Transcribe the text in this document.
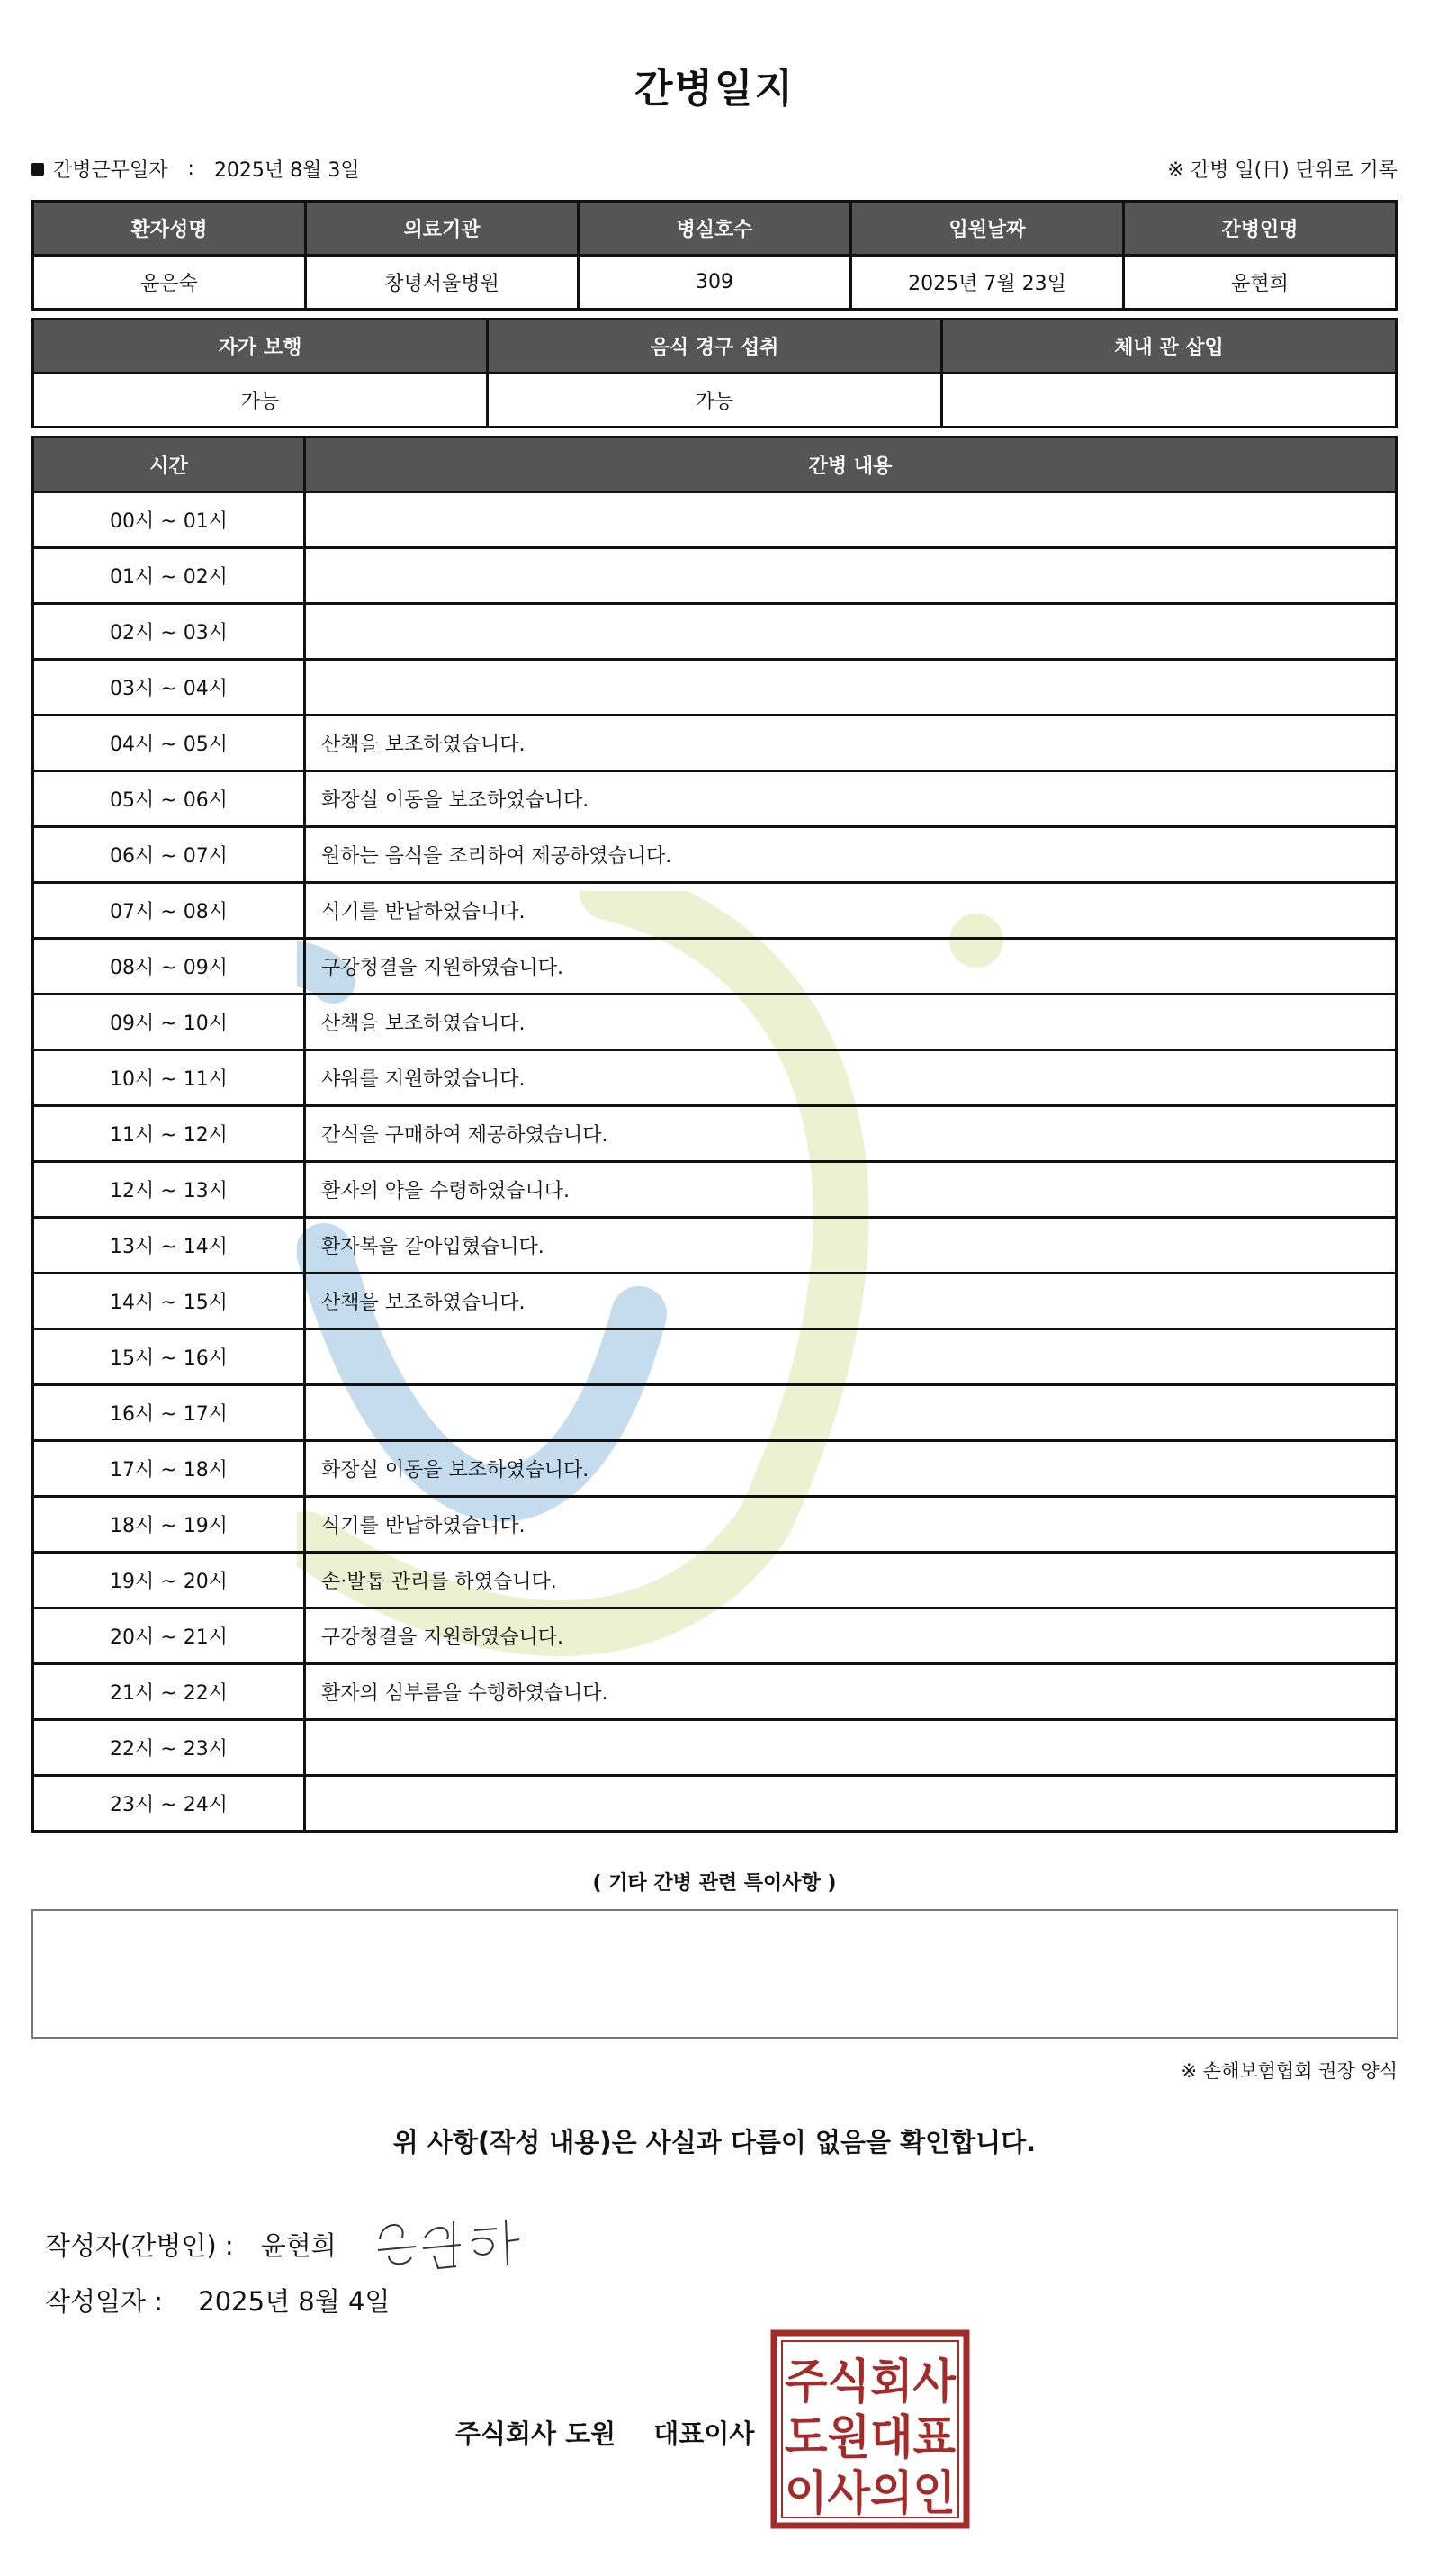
간병일지
간병근무일자 : 2025년 8월 3일	※ 간병 일(日) 단위로 기록
환자성명	의료기관	병실호수	입원날짜	간병인명
윤은숙	창녕서울병원	309	2025년 7월 23일	윤현희
자가 보행	음식 경구 섭취	체내 관 삽입
가능	가능	
시간	간병 내용
00시 ~ 01시	
01시 ~ 02시	
02시 ~ 03시	
03시 ~ 04시	
04시 ~ 05시	산책을 보조하였습니다.
05시 ~ 06시	화장실 이동을 보조하였습니다.
06시 ~ 07시	원하는 음식을 조리하여 제공하였습니다.
07시 ~ 08시	식기를 반납하였습니다.
08시 ~ 09시	구강청결을 지원하였습니다.
09시 ~ 10시	산책을 보조하였습니다.
10시 ~ 11시	샤워를 지원하였습니다.
11시 ~ 12시	간식을 구매하여 제공하였습니다.
12시 ~ 13시	환자의 약을 수령하였습니다.
13시 ~ 14시	환자복을 갈아입혔습니다.
14시 ~ 15시	산책을 보조하였습니다.
15시 ~ 16시	
16시 ~ 17시	
17시 ~ 18시	화장실 이동을 보조하였습니다.
18시 ~ 19시	식기를 반납하였습니다.
19시 ~ 20시	손·발톱 관리를 하였습니다.
20시 ~ 21시	구강청결을 지원하였습니다.
21시 ~ 22시	환자의 심부름을 수행하였습니다.
22시 ~ 23시	
23시 ~ 24시	
( 기타 간병 관련 특이사항 )
※ 손해보험협회 권장 양식
위 사항(작성 내용)은 사실과 다름이 없음을 확인합니다.
작성자(간병인) : 윤현희
작성일자 : 2025년 8월 4일
주식회사 도원 대표이사
주식회사
도원대표
이사의인
